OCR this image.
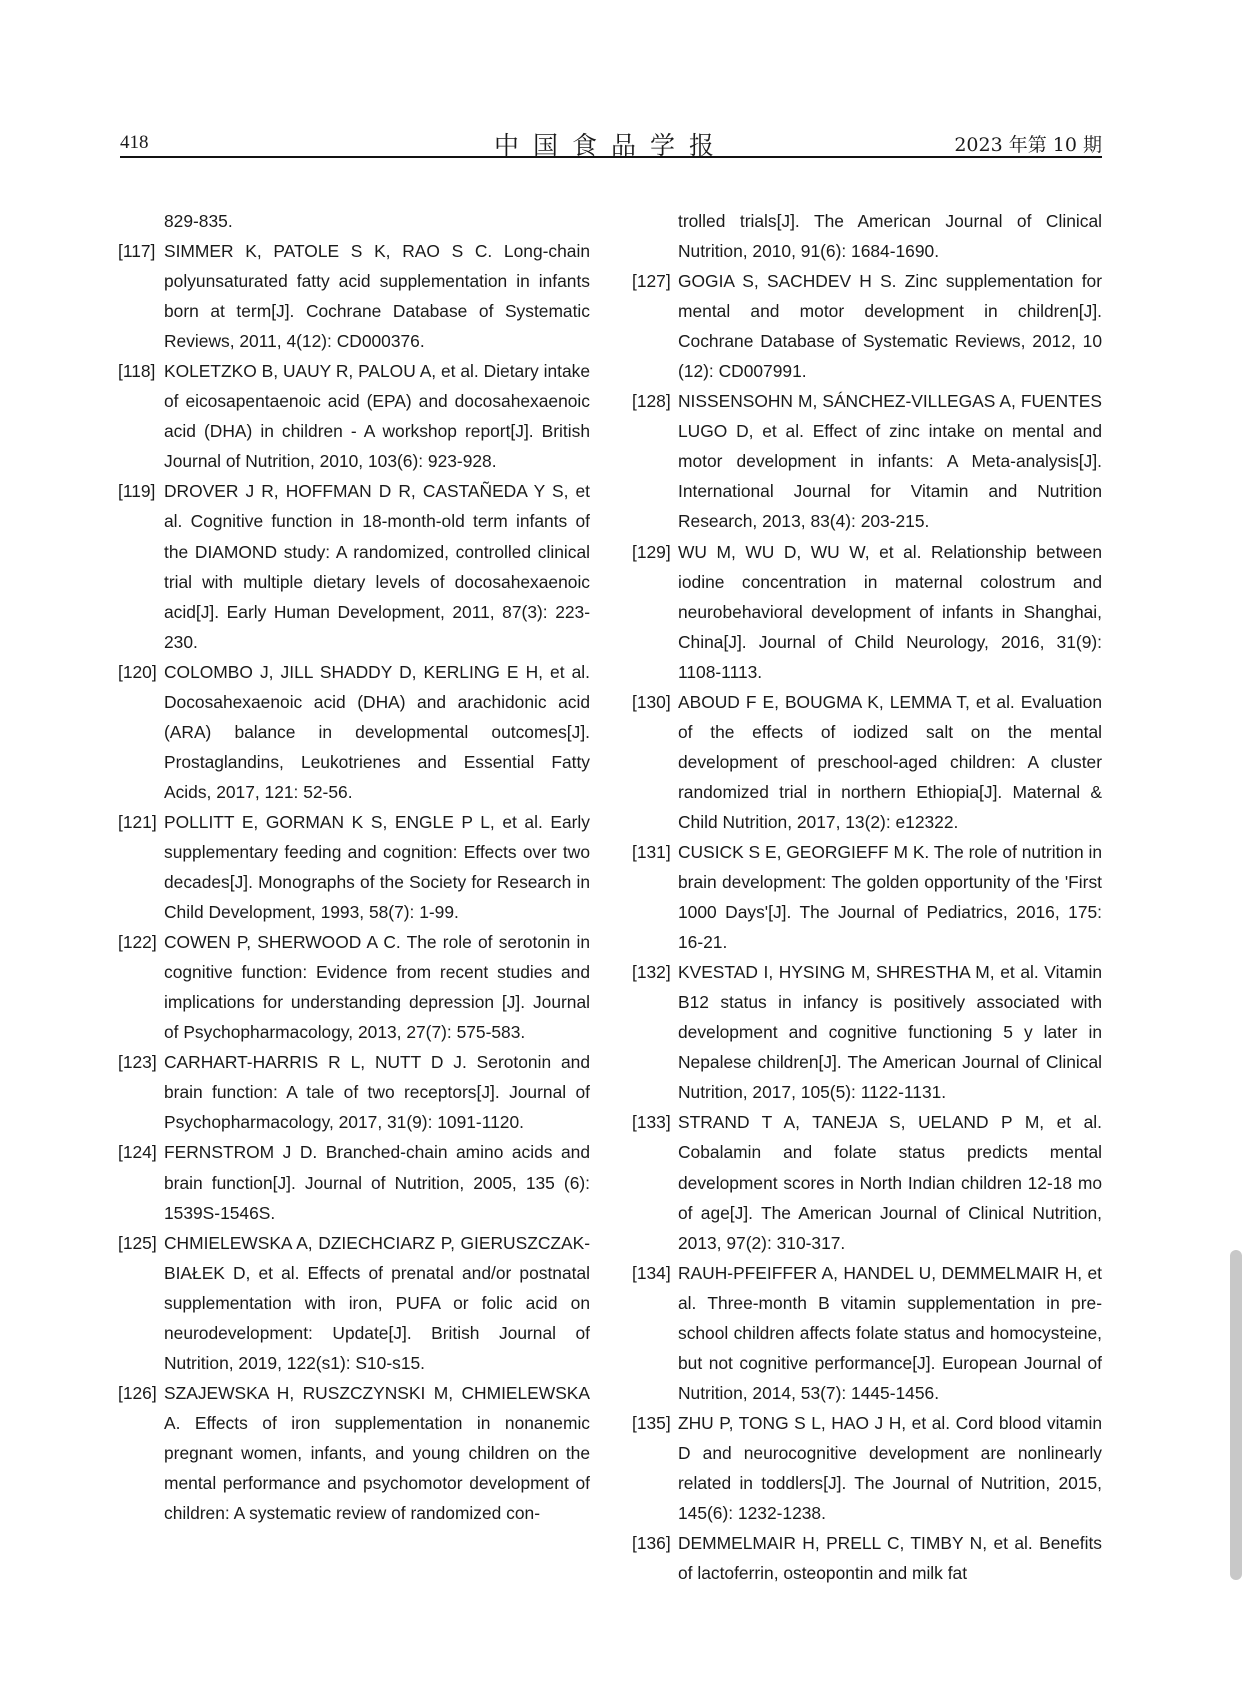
418	中国食品学报	2023 年第 10 期
829-835.
[117] SIMMER K, PATOLE S K, RAO S C. Long-chain polyunsaturated fatty acid supplementation in infants born at term[J]. Cochrane Database of Systematic Reviews, 2011, 4(12): CD000376.
[118] KOLETZKO B, UAUY R, PALOU A, et al. Dietary intake of eicosapentaenoic acid (EPA) and docosahexaenoic acid (DHA) in children - A workshop report[J]. British Journal of Nutrition, 2010, 103(6): 923-928.
[119] DROVER J R, HOFFMAN D R, CASTAÑEDA Y S, et al. Cognitive function in 18-month-old term infants of the DIAMOND study: A randomized, controlled clinical trial with multiple dietary levels of docosahexaenoic acid[J]. Early Human Development, 2011, 87(3): 223-230.
[120] COLOMBO J, JILL SHADDY D, KERLING E H, et al. Docosahexaenoic acid (DHA) and arachidonic acid (ARA) balance in developmental outcomes[J]. Prostaglandins, Leukotrienes and Essential Fatty Acids, 2017, 121: 52-56.
[121] POLLITT E, GORMAN K S, ENGLE P L, et al. Early supplementary feeding and cognition: Effects over two decades[J]. Monographs of the Society for Research in Child Development, 1993, 58(7): 1-99.
[122] COWEN P, SHERWOOD A C. The role of serotonin in cognitive function: Evidence from recent studies and implications for understanding depression [J]. Journal of Psychopharmacology, 2013, 27(7): 575-583.
[123] CARHART-HARRIS R L, NUTT D J. Serotonin and brain function: A tale of two receptors[J]. Journal of Psychopharmacology, 2017, 31(9): 1091-1120.
[124] FERNSTROM J D. Branched-chain amino acids and brain function[J]. Journal of Nutrition, 2005, 135 (6): 1539S-1546S.
[125] CHMIELEWSKA A, DZIECHCIARZ P, GIERUSZCZAK-BIAŁEK D, et al. Effects of prenatal and/or postnatal supplementation with iron, PUFA or folic acid on neurodevelopment: Update[J]. British Journal of Nutrition, 2019, 122(s1): S10-s15.
[126] SZAJEWSKA H, RUSZCZYNSKI M, CHMIELEWSKA A. Effects of iron supplementation in nonanemic pregnant women, infants, and young children on the mental performance and psychomotor development of children: A systematic review of randomized con-
trolled trials[J]. The American Journal of Clinical Nutrition, 2010, 91(6): 1684-1690.
[127] GOGIA S, SACHDEV H S. Zinc supplementation for mental and motor development in children[J]. Cochrane Database of Systematic Reviews, 2012, 10 (12): CD007991.
[128] NISSENSOHN M, SÁNCHEZ-VILLEGAS A, FUENTES LUGO D, et al. Effect of zinc intake on mental and motor development in infants: A Meta-analysis[J]. International Journal for Vitamin and Nutrition Research, 2013, 83(4): 203-215.
[129] WU M, WU D, WU W, et al. Relationship between iodine concentration in maternal colostrum and neurobehavioral development of infants in Shanghai, China[J]. Journal of Child Neurology, 2016, 31(9): 1108-1113.
[130] ABOUD F E, BOUGMA K, LEMMA T, et al. Evaluation of the effects of iodized salt on the mental development of preschool-aged children: A cluster randomized trial in northern Ethiopia[J]. Maternal & Child Nutrition, 2017, 13(2): e12322.
[131] CUSICK S E, GEORGIEFF M K. The role of nutrition in brain development: The golden opportunity of the 'First 1000 Days'[J]. The Journal of Pediatrics, 2016, 175: 16-21.
[132] KVESTAD I, HYSING M, SHRESTHA M, et al. Vitamin B12 status in infancy is positively associated with development and cognitive functioning 5 y later in Nepalese children[J]. The American Journal of Clinical Nutrition, 2017, 105(5): 1122-1131.
[133] STRAND T A, TANEJA S, UELAND P M, et al. Cobalamin and folate status predicts mental development scores in North Indian children 12-18 mo of age[J]. The American Journal of Clinical Nutrition, 2013, 97(2): 310-317.
[134] RAUH-PFEIFFER A, HANDEL U, DEMMELMAIR H, et al. Three-month B vitamin supplementation in pre-school children affects folate status and homocysteine, but not cognitive performance[J]. European Journal of Nutrition, 2014, 53(7): 1445-1456.
[135] ZHU P, TONG S L, HAO J H, et al. Cord blood vitamin D and neurocognitive development are nonlinearly related in toddlers[J]. The Journal of Nutrition, 2015, 145(6): 1232-1238.
[136] DEMMELMAIR H, PRELL C, TIMBY N, et al. Benefits of lactoferrin, osteopontin and milk fat
